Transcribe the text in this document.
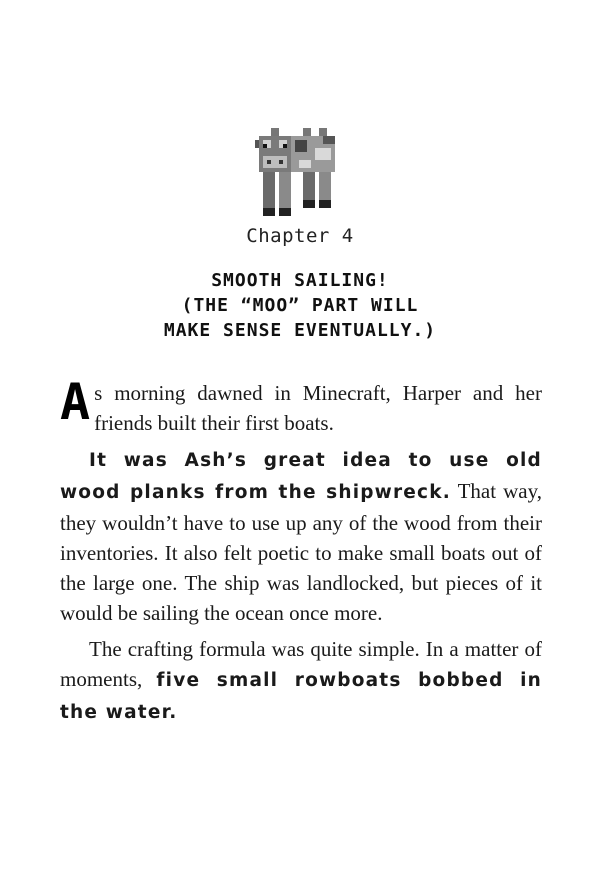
Chapter 4
SMOOTH SAILING!
(THE “MOO” PART WILL
MAKE SENSE EVENTUALLY.)

As morning dawned in Minecraft, Harper and her friends built their first boats.

It was Ash’s great idea to use old wood planks from the shipwreck. That way, they wouldn’t have to use up any of the wood from their inventories. It also felt poetic to make small boats out of the large one. The ship was landlocked, but pieces of it would be sailing the ocean once more.

The crafting formula was quite simple. In a matter of moments, five small rowboats bobbed in the water.
